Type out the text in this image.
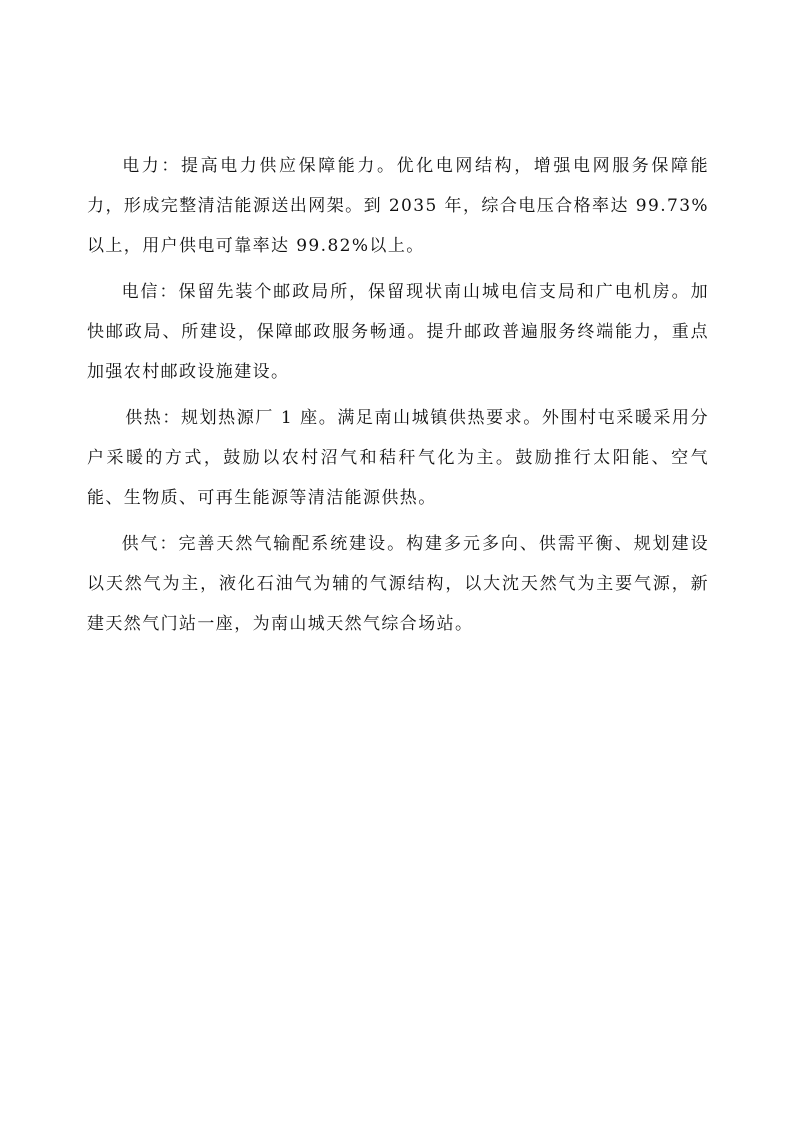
电力：提高电力供应保障能力。优化电网结构，增强电网服务保障能力，形成完整清洁能源送出网架。到 2035 年，综合电压合格率达 99.73%以上，用户供电可靠率达 99.82%以上。

电信：保留先装个邮政局所，保留现状南山城电信支局和广电机房。加快邮政局、所建设，保障邮政服务畅通。提升邮政普遍服务终端能力，重点加强农村邮政设施建设。

供热：规划热源厂 1 座。满足南山城镇供热要求。外围村屯采暖采用分户采暖的方式，鼓励以农村沼气和秸秆气化为主。鼓励推行太阳能、空气能、生物质、可再生能源等清洁能源供热。

供气：完善天然气输配系统建设。构建多元多向、供需平衡、规划建设以天然气为主，液化石油气为辅的气源结构，以大沈天然气为主要气源，新建天然气门站一座，为南山城天然气综合场站。
